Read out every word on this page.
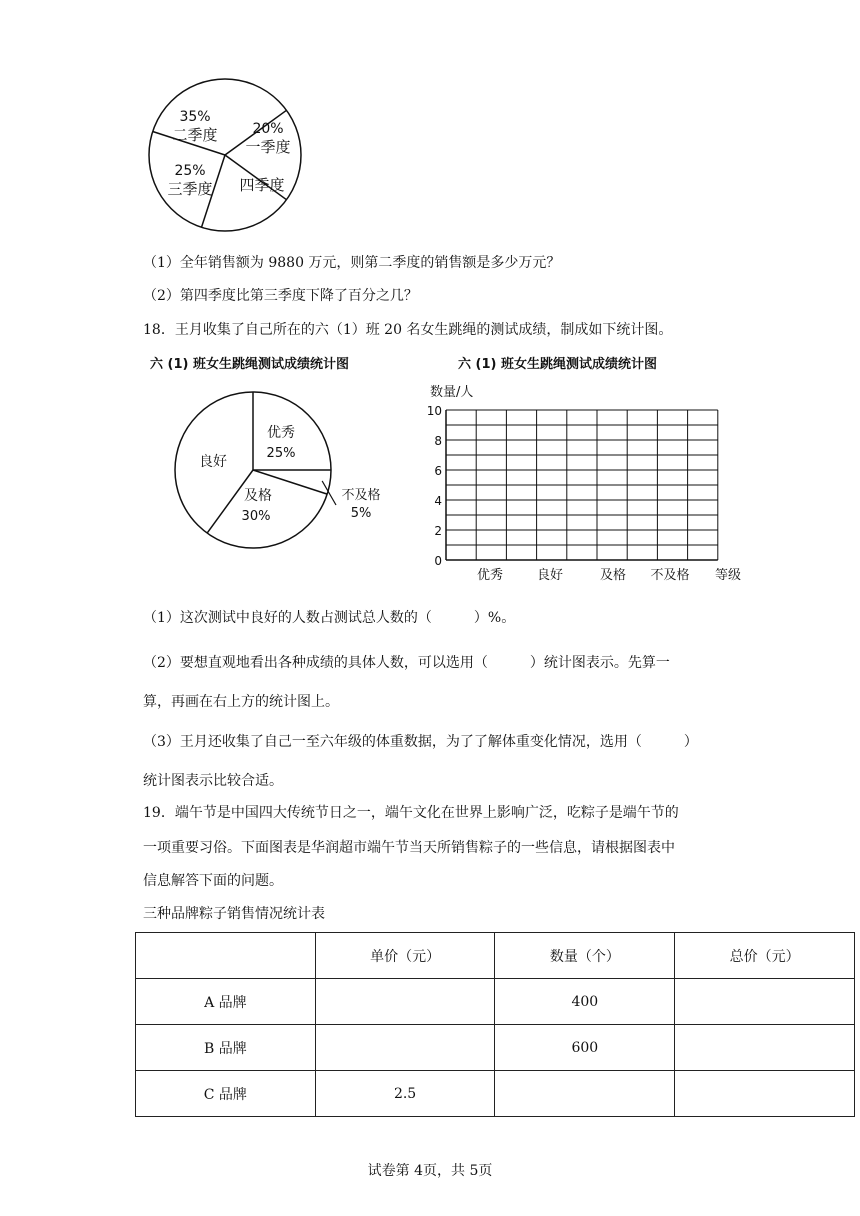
35%
二季度 20%
一季度
四季度
25%
三季度
（1）全年销售额为 9880 万元，则第二季度的销售额是多少万元？
（2）第四季度比第三季度下降了百分之几？
18．王月收集了自己所在的六（1）班 20 名女生跳绳的测试成绩，制成如下统计图。
六 (1) 班女生跳绳测试成绩统计图	六 (1) 班女生跳绳测试成绩统计图
优秀
25%
不及格
5%
及格
30%
良好
0
2
4
6
8
10
数量/人
优秀	良好	及格 不及格 等级
（1）这次测试中良好的人数占测试总人数的（　　　）%。
（2）要想直观地看出各种成绩的具体人数，可以选用（　　　）统计图表示。先算一
算，再画在右上方的统计图上。
（3）王月还收集了自己一至六年级的体重数据，为了了解体重变化情况，选用（　　　）
统计图表示比较合适。
19．端午节是中国四大传统节日之一，端午文化在世界上影响广泛，吃粽子是端午节的
一项重要习俗。下面图表是华润超市端午节当天所销售粽子的一些信息，请根据图表中
信息解答下面的问题。
三种品牌粽子销售情况统计表
	单价（元）	数量（个）	总价（元）
A 品牌		400	
B 品牌		600	
C 品牌	2.5		
试卷第 4页，共 5页
